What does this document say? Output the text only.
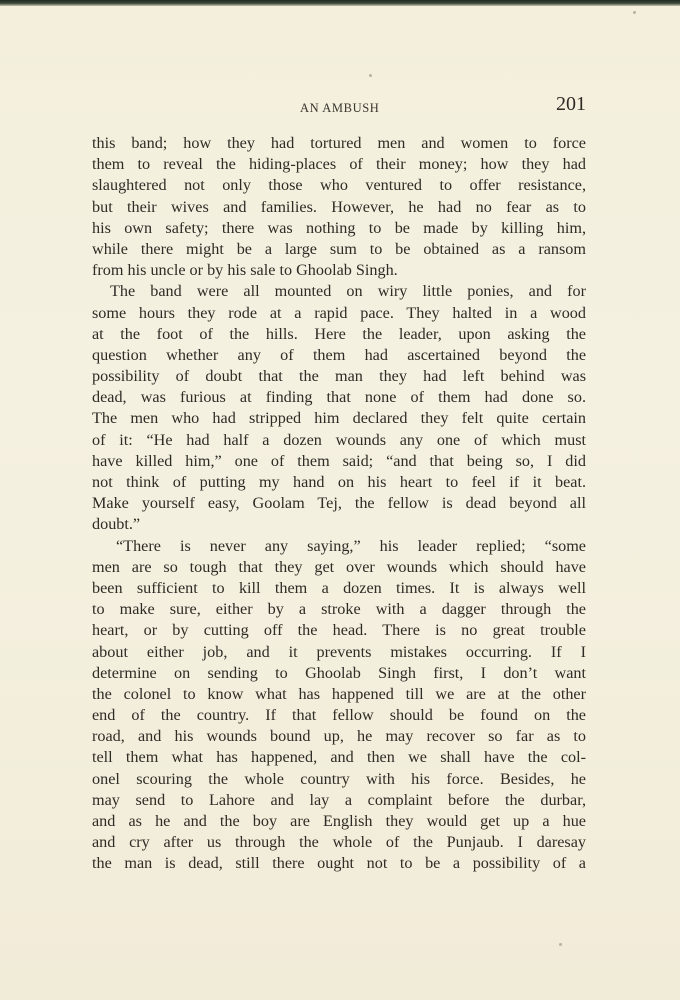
AN AMBUSH	201
this band; how they had tortured men and women to force
them to reveal the hiding-places of their money; how they had
slaughtered not only those who ventured to offer resistance,
but their wives and families. However, he had no fear as to
his own safety; there was nothing to be made by killing him,
while there might be a large sum to be obtained as a ransom
from his uncle or by his sale to Ghoolab Singh.
The band were all mounted on wiry little ponies, and for
some hours they rode at a rapid pace. They halted in a wood
at the foot of the hills. Here the leader, upon asking the
question whether any of them had ascertained beyond the
possibility of doubt that the man they had left behind was
dead, was furious at finding that none of them had done so.
The men who had stripped him declared they felt quite certain
of it: “He had half a dozen wounds any one of which must
have killed him,” one of them said; “and that being so, I did
not think of putting my hand on his heart to feel if it beat.
Make yourself easy, Goolam Tej, the fellow is dead beyond all
doubt.”
“There is never any saying,” his leader replied; “some
men are so tough that they get over wounds which should have
been sufficient to kill them a dozen times. It is always well
to make sure, either by a stroke with a dagger through the
heart, or by cutting off the head. There is no great trouble
about either job, and it prevents mistakes occurring. If I
determine on sending to Ghoolab Singh first, I don’t want
the colonel to know what has happened till we are at the other
end of the country. If that fellow should be found on the
road, and his wounds bound up, he may recover so far as to
tell them what has happened, and then we shall have the col-
onel scouring the whole country with his force. Besides, he
may send to Lahore and lay a complaint before the durbar,
and as he and the boy are English they would get up a hue
and cry after us through the whole of the Punjaub. I daresay
the man is dead, still there ought not to be a possibility of a
